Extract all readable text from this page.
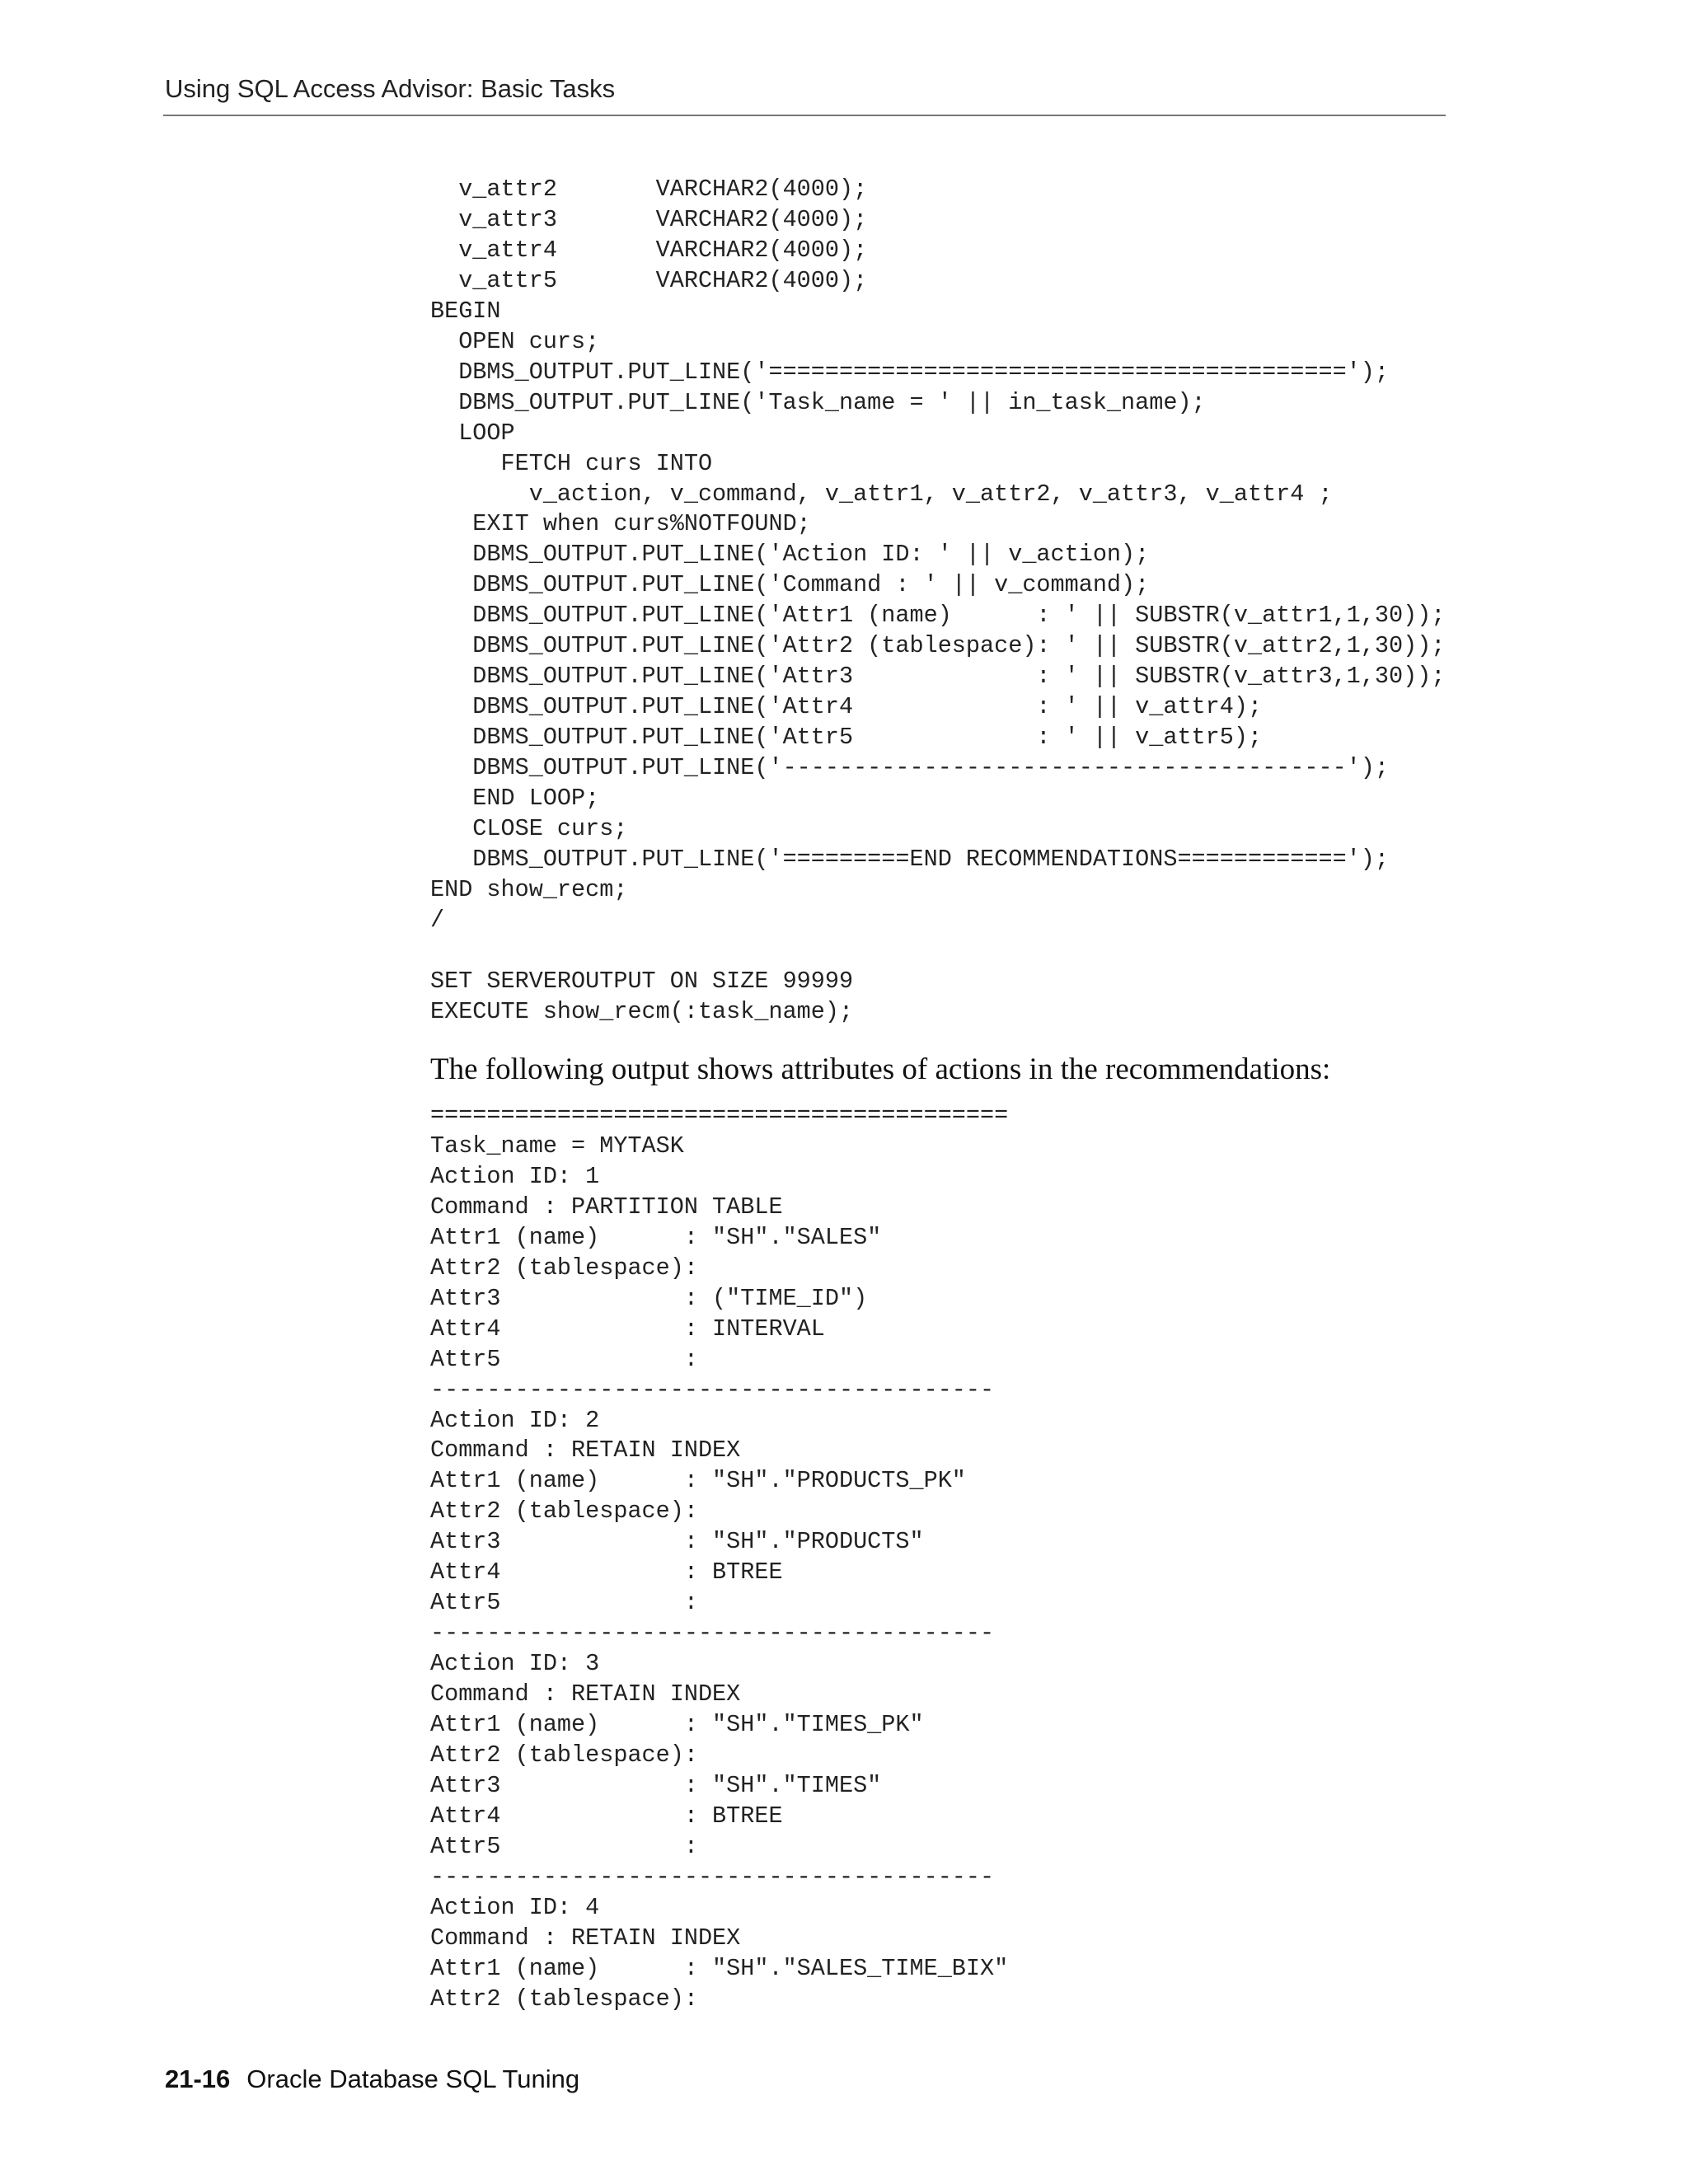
Using SQL Access Advisor: Basic Tasks
v_attr2       VARCHAR2(4000);
v_attr3       VARCHAR2(4000);
v_attr4       VARCHAR2(4000);
v_attr5       VARCHAR2(4000);
BEGIN
OPEN curs;
DBMS_OUTPUT.PUT_LINE('=========================================');
DBMS_OUTPUT.PUT_LINE('Task_name = ' || in_task_name);
LOOP
FETCH curs INTO
v_action, v_command, v_attr1, v_attr2, v_attr3, v_attr4 ;
EXIT when curs%NOTFOUND;
DBMS_OUTPUT.PUT_LINE('Action ID: ' || v_action);
DBMS_OUTPUT.PUT_LINE('Command : ' || v_command);
DBMS_OUTPUT.PUT_LINE('Attr1 (name)      : ' || SUBSTR(v_attr1,1,30));
DBMS_OUTPUT.PUT_LINE('Attr2 (tablespace): ' || SUBSTR(v_attr2,1,30));
DBMS_OUTPUT.PUT_LINE('Attr3             : ' || SUBSTR(v_attr3,1,30));
DBMS_OUTPUT.PUT_LINE('Attr4             : ' || v_attr4);
DBMS_OUTPUT.PUT_LINE('Attr5             : ' || v_attr5);
DBMS_OUTPUT.PUT_LINE('----------------------------------------');
END LOOP;
CLOSE curs;
DBMS_OUTPUT.PUT_LINE('=========END RECOMMENDATIONS============');
END show_recm;
/

SET SERVEROUTPUT ON SIZE 99999
EXECUTE show_recm(:task_name);

The following output shows attributes of actions in the recommendations:

=========================================
Task_name = MYTASK
Action ID: 1
Command : PARTITION TABLE
Attr1 (name)      : "SH"."SALES"
Attr2 (tablespace):
Attr3             : ("TIME_ID")
Attr4             : INTERVAL
Attr5             :
----------------------------------------
Action ID: 2
Command : RETAIN INDEX
Attr1 (name)      : "SH"."PRODUCTS_PK"
Attr2 (tablespace):
Attr3             : "SH"."PRODUCTS"
Attr4             : BTREE
Attr5             :
----------------------------------------
Action ID: 3
Command : RETAIN INDEX
Attr1 (name)      : "SH"."TIMES_PK"
Attr2 (tablespace):
Attr3             : "SH"."TIMES"
Attr4             : BTREE
Attr5             :
----------------------------------------
Action ID: 4
Command : RETAIN INDEX
Attr1 (name)      : "SH"."SALES_TIME_BIX"
Attr2 (tablespace):
21-16 Oracle Database SQL Tuning
